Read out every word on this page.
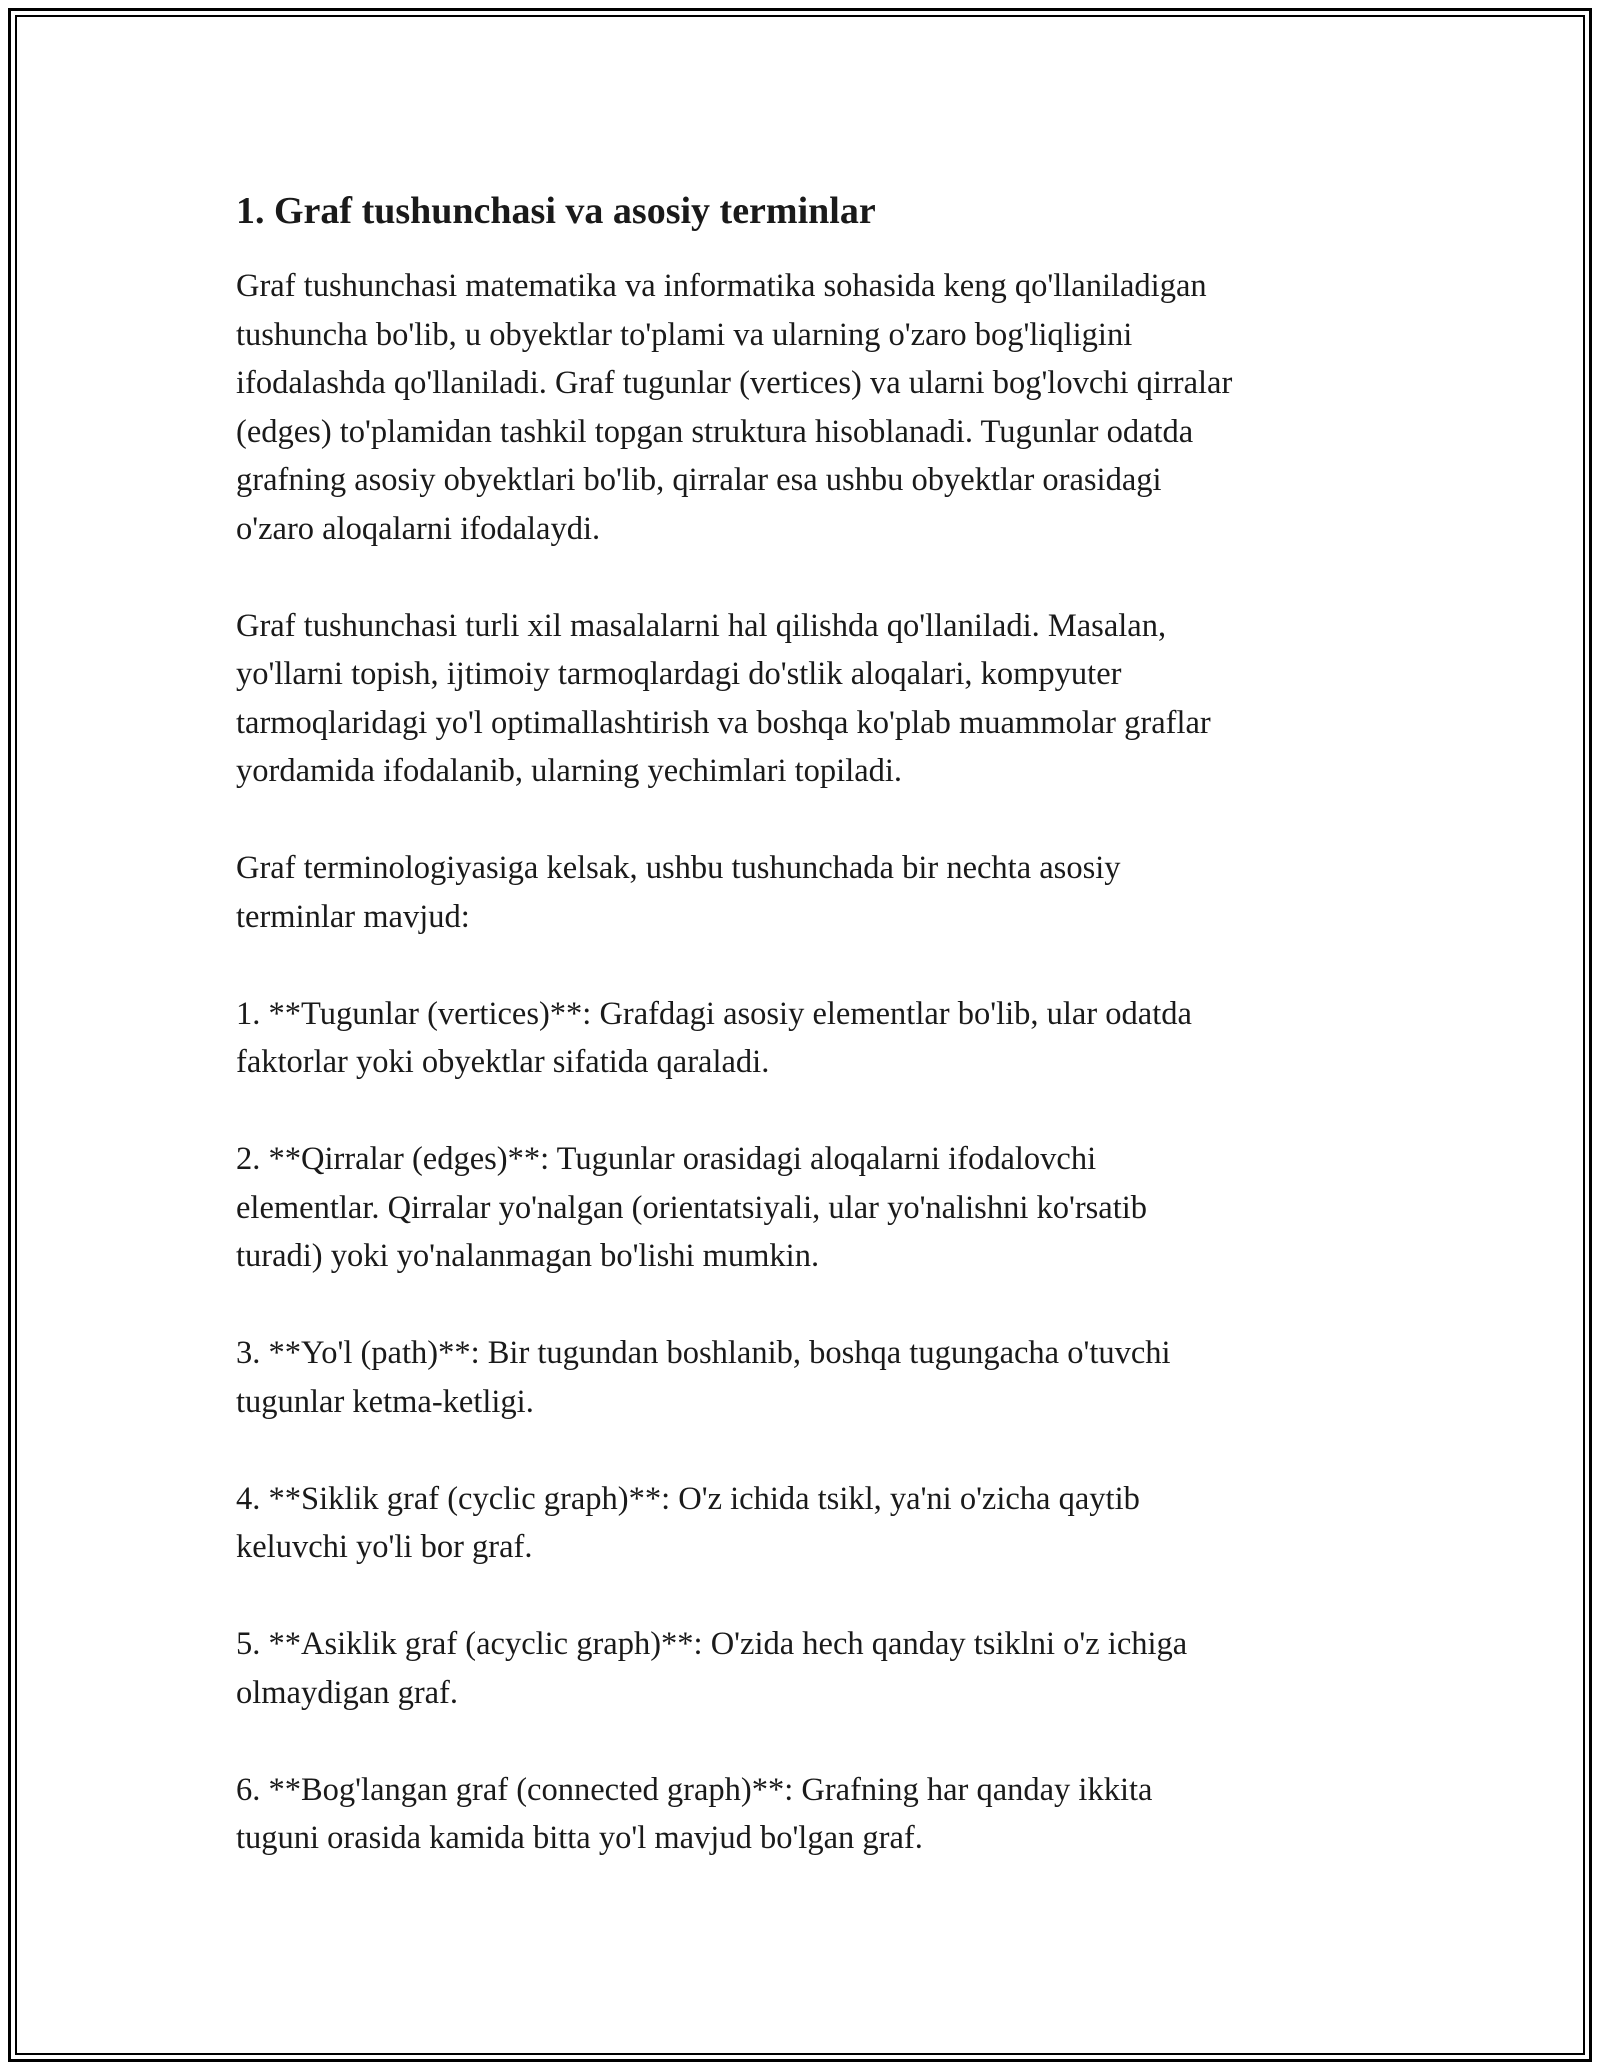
1. Graf tushunchasi va asosiy terminlar

Graf tushunchasi matematika va informatika sohasida keng qo'llaniladigan
tushuncha bo'lib, u obyektlar to'plami va ularning o'zaro bog'liqligini
ifodalashda qo'llaniladi. Graf tugunlar (vertices) va ularni bog'lovchi qirralar
(edges) to'plamidan tashkil topgan struktura hisoblanadi. Tugunlar odatda
grafning asosiy obyektlari bo'lib, qirralar esa ushbu obyektlar orasidagi
o'zaro aloqalarni ifodalaydi.

Graf tushunchasi turli xil masalalarni hal qilishda qo'llaniladi. Masalan,
yo'llarni topish, ijtimoiy tarmoqlardagi do'stlik aloqalari, kompyuter
tarmoqlaridagi yo'l optimallashtirish va boshqa ko'plab muammolar graflar
yordamida ifodalanib, ularning yechimlari topiladi.

Graf terminologiyasiga kelsak, ushbu tushunchada bir nechta asosiy
terminlar mavjud:

1. **Tugunlar (vertices)**: Grafdagi asosiy elementlar bo'lib, ular odatda
faktorlar yoki obyektlar sifatida qaraladi.

2. **Qirralar (edges)**: Tugunlar orasidagi aloqalarni ifodalovchi
elementlar. Qirralar yo'nalgan (orientatsiyali, ular yo'nalishni ko'rsatib
turadi) yoki yo'nalanmagan bo'lishi mumkin.

3. **Yo'l (path)**: Bir tugundan boshlanib, boshqa tugungacha o'tuvchi
tugunlar ketma-ketligi.

4. **Siklik graf (cyclic graph)**: O'z ichida tsikl, ya'ni o'zicha qaytib
keluvchi yo'li bor graf.

5. **Asiklik graf (acyclic graph)**: O'zida hech qanday tsiklni o'z ichiga
olmaydigan graf.

6. **Bog'langan graf (connected graph)**: Grafning har qanday ikkita
tuguni orasida kamida bitta yo'l mavjud bo'lgan graf.
